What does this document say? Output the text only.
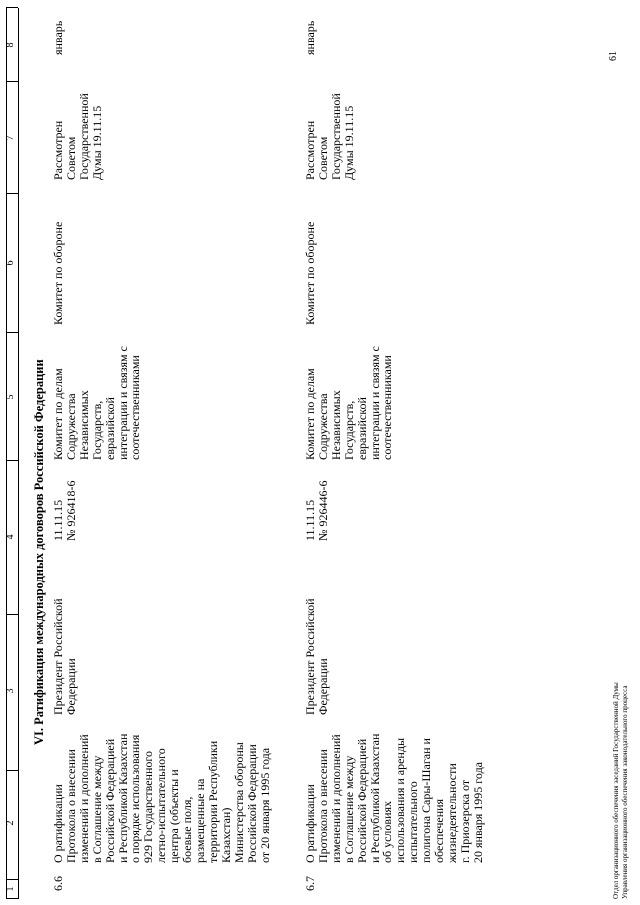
1
2
3
4
5
6
7
8
VI. Ратификация международных договоров Российской Федерации
6.6
О ратификации
Протокола о внесении
изменений и дополнений
в Соглашение между
Российской Федерацией
и Республикой Казахстан
о порядке использования
929 Государственного
летно-испытательного
центра (объекты и
боевые поля,
размещенные на
территории Республики
Казахстан)
Министерства обороны
Российской Федерации
от 20 января 1995 года
Президент Российской
Федерации
11.11.15
№ 926418-6
Комитет по делам
Содружества
Независимых
Государств,
евразийской
интеграции и связям с
соотечественниками
Комитет по обороне
Рассмотрен
Советом
Государственной
Думы 19.11.15
январь
6.7
О ратификации
Протокола о внесении
изменений и дополнений
в Соглашение между
Российской Федерацией
и Республикой Казахстан
об условиях
использования и аренды
испытательного
полигона Сары-Шаган и
обеспечения
жизнедеятельности
г. Приозерска от
20 января 1995 года
Президент Российской
Федерации
11.11.15
№ 926446-6
Комитет по делам
Содружества
Независимых
Государств,
евразийской
интеграции и связям с
соотечественниками
Комитет по обороне
Рассмотрен
Советом
Государственной
Думы 19.11.15
январь
Отдел организационного обеспечения заседаний Государственной Думы Управления организационного обеспечения законодательного процесса
61
